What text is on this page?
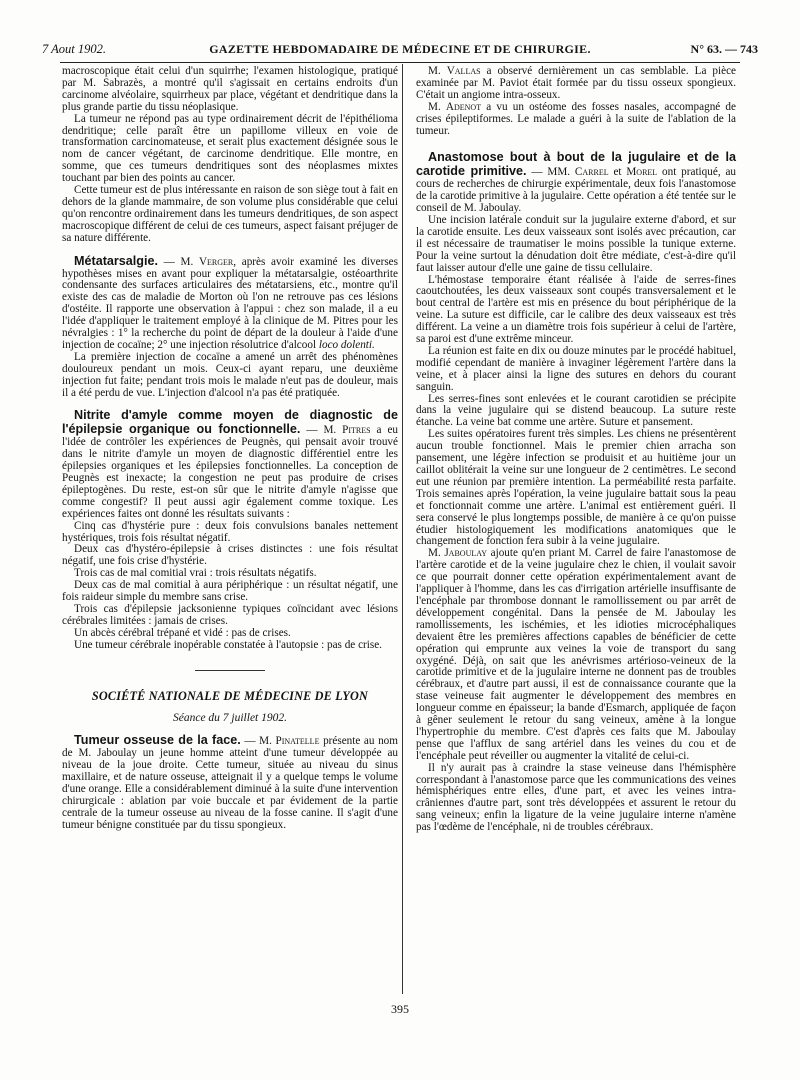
7 Aout 1902.	GAZETTE HEBDOMADAIRE DE MÉDECINE ET DE CHIRURGIE.	N° 63. — 743

macroscopique était celui d'un squirrhe; l'examen histologique, pratiqué par M. Sabrazès, a montré qu'il s'agissait en certains endroits d'un carcinome alvéolaire, squirrheux par place, végétant et dendritique dans la plus grande partie du tissu néoplasique.

La tumeur ne répond pas au type ordinairement décrit de l'épithélioma dendritique; celle paraît être un papillome villeux en voie de transformation carcinomateuse, et serait plus exactement désignée sous le nom de cancer végétant, de carcinome dendritique. Elle montre, en somme, que ces tumeurs dendritiques sont des néoplasmes mixtes touchant par bien des points au cancer.

Cette tumeur est de plus intéressante en raison de son siège tout à fait en dehors de la glande mammaire, de son volume plus considérable que celui qu'on rencontre ordinairement dans les tumeurs dendritiques, de son aspect macroscopique différent de celui de ces tumeurs, aspect faisant préjuger de sa nature différente.

Métatarsalgie. — M. Verger, après avoir examiné les diverses hypothèses mises en avant pour expliquer la métatarsalgie, ostéoarthrite condensante des surfaces articulaires des métatarsiens, etc., montre qu'il existe des cas de maladie de Morton où l'on ne retrouve pas ces lésions d'ostéite. Il rapporte une observation à l'appui : chez son malade, il a eu l'idée d'appliquer le traitement employé à la clinique de M. Pitres pour les névralgies : 1° la recherche du point de départ de la douleur à l'aide d'une injection de cocaïne; 2° une injection résolutrice d'alcool loco dolenti.

La première injection de cocaïne a amené un arrêt des phénomènes douloureux pendant un mois. Ceux-ci ayant reparu, une deuxième injection fut faite; pendant trois mois le malade n'eut pas de douleur, mais il a été perdu de vue. L'injection d'alcool n'a pas été pratiquée.

Nitrite d'amyle comme moyen de diagnostic de l'épilepsie organique ou fonctionnelle. — M. Pitres a eu l'idée de contrôler les expériences de Peugnès, qui pensait avoir trouvé dans le nitrite d'amyle un moyen de diagnostic différentiel entre les épilepsies organiques et les épilepsies fonctionnelles. La conception de Peugnès est inexacte; la congestion ne peut pas produire de crises épileptogènes. Du reste, est-on sûr que le nitrite d'amyle n'agisse que comme congestif? Il peut aussi agir également comme toxique. Les expériences faites ont donné les résultats suivants :

Cinq cas d'hystérie pure : deux fois convulsions banales nettement hystériques, trois fois résultat négatif.

Deux cas d'hystéro-épilepsie à crises distinctes : une fois résultat négatif, une fois crise d'hystérie.

Trois cas de mal comitial vrai : trois résultats négatifs.

Deux cas de mal comitial à aura périphérique : un résultat négatif, une fois raideur simple du membre sans crise.

Trois cas d'épilepsie jacksonienne typiques coïncidant avec lésions cérébrales limitées : jamais de crises.

Un abcès cérébral trépané et vidé : pas de crises.

Une tumeur cérébrale inopérable constatée à l'autopsie : pas de crise.

SOCIÉTÉ NATIONALE DE MÉDECINE DE LYON
Séance du 7 juillet 1902.

Tumeur osseuse de la face. — M. Pinatelle présente au nom de M. Jaboulay un jeune homme atteint d'une tumeur développée au niveau de la joue droite. Cette tumeur, située au niveau du sinus maxillaire, et de nature osseuse, atteignait il y a quelque temps le volume d'une orange. Elle a considérablement diminué à la suite d'une intervention chirurgicale : ablation par voie buccale et par évidement de la partie centrale de la tumeur osseuse au niveau de la fosse canine. Il s'agit d'une tumeur bénigne constituée par du tissu spongieux.

M. Vallas a observé dernièrement un cas semblable. La pièce examinée par M. Paviot était formée par du tissu osseux spongieux. C'était un angiome intra-osseux.

M. Adenot a vu un ostéome des fosses nasales, accompagné de crises épileptiformes. Le malade a guéri à la suite de l'ablation de la tumeur.

Anastomose bout à bout de la jugulaire et de la carotide primitive. — MM. Carrel et Morel ont pratiqué, au cours de recherches de chirurgie expérimentale, deux fois l'anastomose de la carotide primitive à la jugulaire. Cette opération a été tentée sur le conseil de M. Jaboulay.

Une incision latérale conduit sur la jugulaire externe d'abord, et sur la carotide ensuite. Les deux vaisseaux sont isolés avec précaution, car il est nécessaire de traumatiser le moins possible la tunique externe. Pour la veine surtout la dénudation doit être médiate, c'est-à-dire qu'il faut laisser autour d'elle une gaine de tissu cellulaire.

L'hémostase temporaire étant réalisée à l'aide de serres-fines caoutchoutées, les deux vaisseaux sont coupés transversalement et le bout central de l'artère est mis en présence du bout périphérique de la veine. La suture est difficile, car le calibre des deux vaisseaux est très différent. La veine a un diamètre trois fois supérieur à celui de l'artère, sa paroi est d'une extrême minceur.

La réunion est faite en dix ou douze minutes par le procédé habituel, modifié cependant de manière à invaginer légèrement l'artère dans la veine, et à placer ainsi la ligne des sutures en dehors du courant sanguin.

Les serres-fines sont enlevées et le courant carotidien se précipite dans la veine jugulaire qui se distend beaucoup. La suture reste étanche. La veine bat comme une artère. Suture et pansement.

Les suites opératoires furent très simples. Les chiens ne présentèrent aucun trouble fonctionnel. Mais le premier chien arracha son pansement, une légère infection se produisit et au huitième jour un caillot oblitérait la veine sur une longueur de 2 centimètres. Le second eut une réunion par première intention. La perméabilité resta parfaite. Trois semaines après l'opération, la veine jugulaire battait sous la peau et fonctionnait comme une artère. L'animal est entièrement guéri. Il sera conservé le plus longtemps possible, de manière à ce qu'on puisse étudier histologiquement les modifications anatomiques que le changement de fonction fera subir à la veine jugulaire.

M. Jaboulay ajoute qu'en priant M. Carrel de faire l'anastomose de l'artère carotide et de la veine jugulaire chez le chien, il voulait savoir ce que pourrait donner cette opération expérimentalement avant de l'appliquer à l'homme, dans les cas d'irrigation artérielle insuffisante de l'encéphale par thrombose donnant le ramollissement ou par arrêt de développement congénital. Dans la pensée de M. Jaboulay les ramollissements, les ischémies, et les idioties microcéphaliques devaient être les premières affections capables de bénéficier de cette opération qui emprunte aux veines la voie de transport du sang oxygéné. Déjà, on sait que les anévrismes artérioso-veineux de la carotide primitive et de la jugulaire interne ne donnent pas de troubles cérébraux, et d'autre part aussi, il est de connaissance courante que la stase veineuse fait augmenter le développement des membres en longueur comme en épaisseur; la bande d'Esmarch, appliquée de façon à gêner seulement le retour du sang veineux, amène à la longue l'hypertrophie du membre. C'est d'après ces faits que M. Jaboulay pense que l'afflux de sang artériel dans les veines du cou et de l'encéphale peut réveiller ou augmenter la vitalité de celui-ci.

Il n'y aurait pas à craindre la stase veineuse dans l'hémisphère correspondant à l'anastomose parce que les communications des veines hémisphériques entre elles, d'une part, et avec les veines intra-crâniennes d'autre part, sont très développées et assurent le retour du sang veineux; enfin la ligature de la veine jugulaire interne n'amène pas l'œdème de l'encéphale, ni de troubles cérébraux.

395
